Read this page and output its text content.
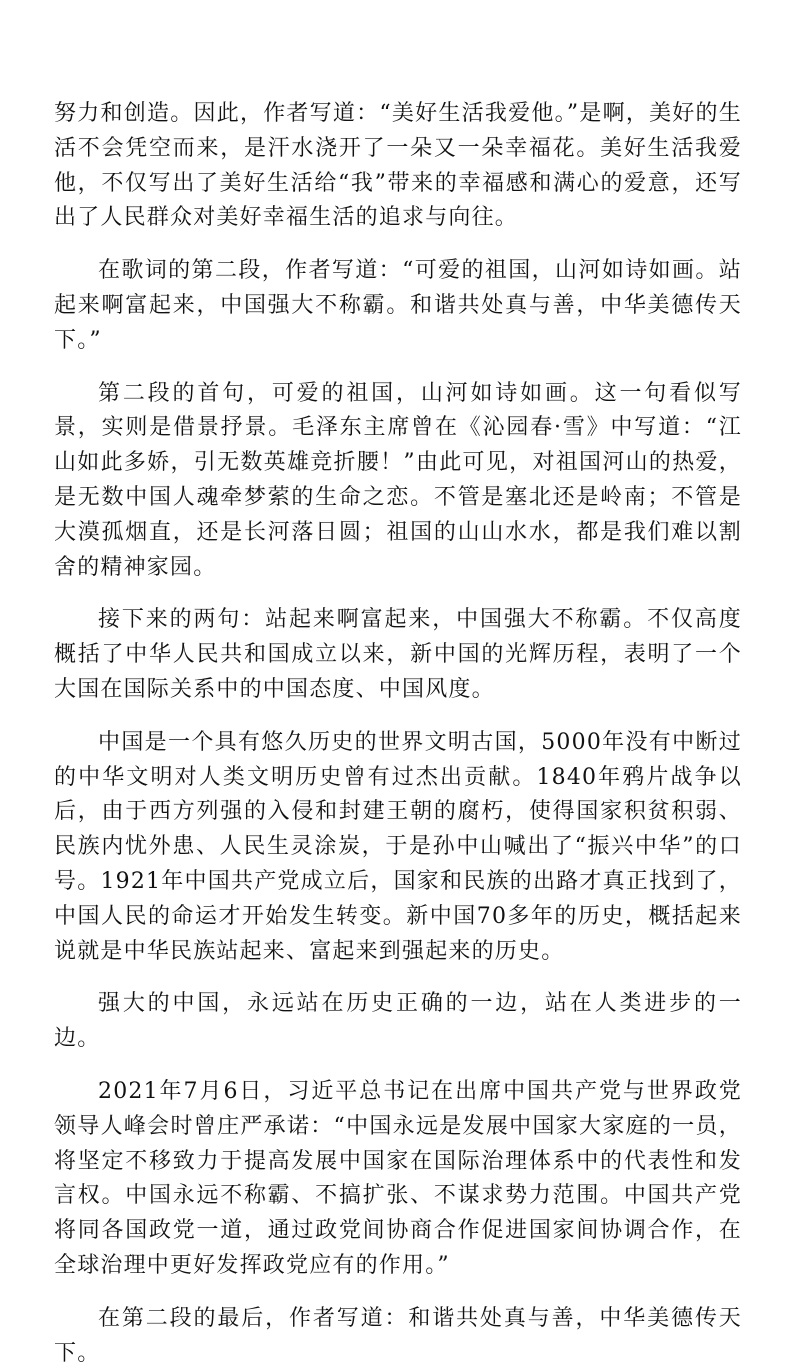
努力和创造。因此，作者写道：“美好生活我爱他。”是啊，美好的生活不会凭空而来，是汗水浇开了一朵又一朵幸福花。美好生活我爱他，不仅写出了美好生活给“我”带来的幸福感和满心的爱意，还写出了人民群众对美好幸福生活的追求与向往。

在歌词的第二段，作者写道：“可爱的祖国，山河如诗如画。站起来啊富起来，中国强大不称霸。和谐共处真与善，中华美德传天下。”

第二段的首句，可爱的祖国，山河如诗如画。这一句看似写景，实则是借景抒景。毛泽东主席曾在《沁园春·雪》中写道：“江山如此多娇，引无数英雄竞折腰！”由此可见，对祖国河山的热爱，是无数中国人魂牵梦萦的生命之恋。不管是塞北还是岭南；不管是大漠孤烟直，还是长河落日圆；祖国的山山水水，都是我们难以割舍的精神家园。

接下来的两句：站起来啊富起来，中国强大不称霸。不仅高度概括了中华人民共和国成立以来，新中国的光辉历程，表明了一个大国在国际关系中的中国态度、中国风度。

中国是一个具有悠久历史的世界文明古国，5000年没有中断过的中华文明对人类文明历史曾有过杰出贡献。1840年鸦片战争以后，由于西方列强的入侵和封建王朝的腐朽，使得国家积贫积弱、民族内忧外患、人民生灵涂炭，于是孙中山喊出了“振兴中华”的口号。1921年中国共产党成立后，国家和民族的出路才真正找到了，中国人民的命运才开始发生转变。新中国70多年的历史，概括起来说就是中华民族站起来、富起来到强起来的历史。

强大的中国，永远站在历史正确的一边，站在人类进步的一边。

2021年7月6日，习近平总书记在出席中国共产党与世界政党领导人峰会时曾庄严承诺：“中国永远是发展中国家大家庭的一员，将坚定不移致力于提高发展中国家在国际治理体系中的代表性和发言权。中国永远不称霸、不搞扩张、不谋求势力范围。中国共产党将同各国政党一道，通过政党间协商合作促进国家间协调合作，在全球治理中更好发挥政党应有的作用。”

在第二段的最后，作者写道：和谐共处真与善，中华美德传天下。
